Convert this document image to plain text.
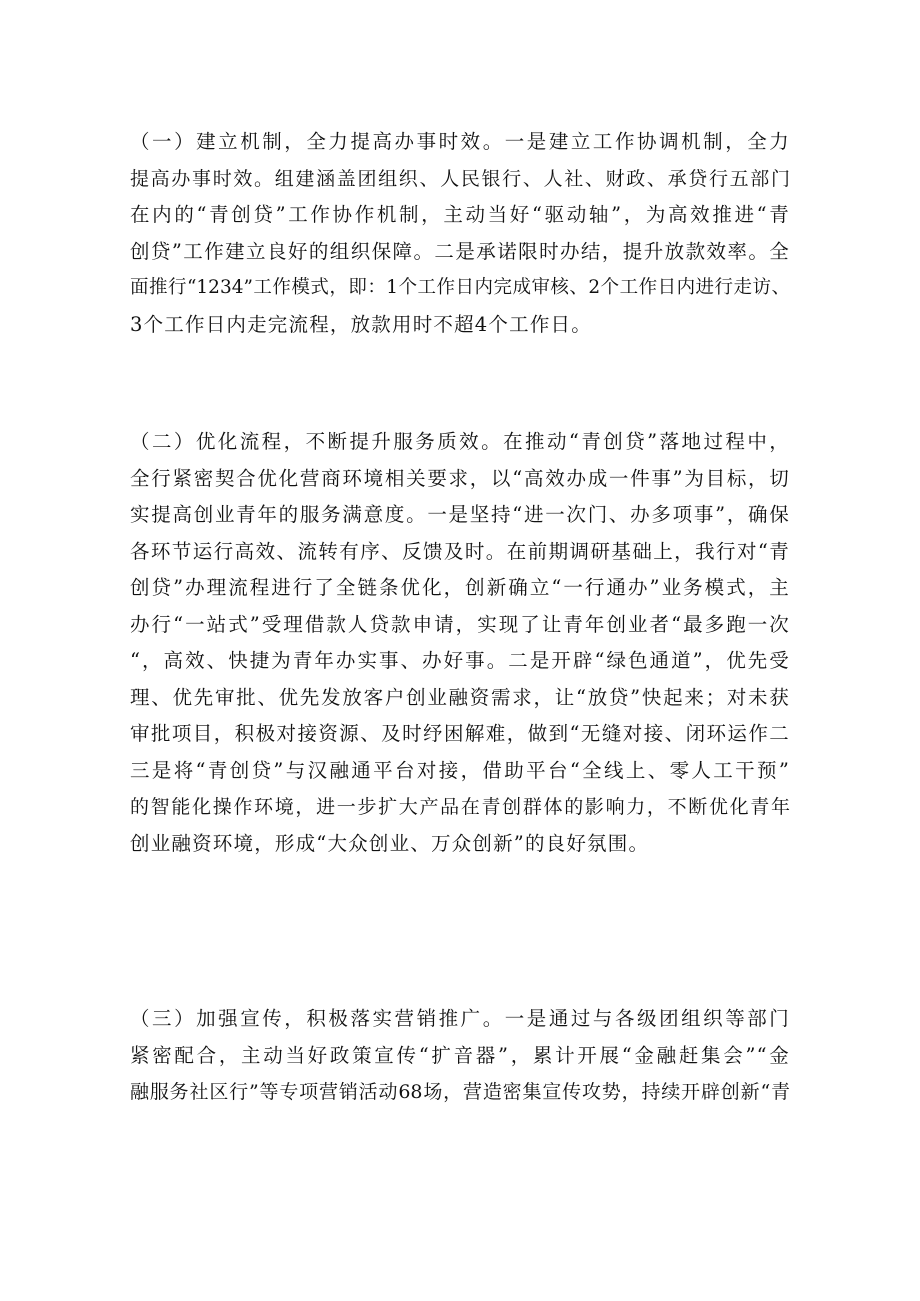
（一）建立机制，全力提高办事时效。一是建立工作协调机制，全力
提高办事时效。组建涵盖团组织、人民银行、人社、财政、承贷行五部门
在内的“青创贷”工作协作机制，主动当好“驱动轴”，为高效推进“青
创贷”工作建立良好的组织保障。二是承诺限时办结，提升放款效率。全
面推行“1234”工作模式，即：1个工作日内完成审核、2个工作日内进行走访、
3个工作日内走完流程，放款用时不超4个工作日。
（二）优化流程，不断提升服务质效。在推动“青创贷”落地过程中，
全行紧密契合优化营商环境相关要求，以“高效办成一件事”为目标，切
实提高创业青年的服务满意度。一是坚持“进一次门、办多项事”，确保
各环节运行高效、流转有序、反馈及时。在前期调研基础上，我行对“青
创贷”办理流程进行了全链条优化，创新确立“一行通办”业务模式，主
办行“一站式”受理借款人贷款申请，实现了让青年创业者“最多跑一次
“，高效、快捷为青年办实事、办好事。二是开辟“绿色通道”，优先受
理、优先审批、优先发放客户创业融资需求，让“放贷”快起来；对未获
审批项目，积极对接资源、及时纾困解难，做到“无缝对接、闭环运作二
三是将“青创贷”与汉融通平台对接，借助平台“全线上、零人工干预”
的智能化操作环境，进一步扩大产品在青创群体的影响力，不断优化青年
创业融资环境，形成“大众创业、万众创新”的良好氛围。
（三）加强宣传，积极落实营销推广。一是通过与各级团组织等部门
紧密配合，主动当好政策宣传“扩音器”，累计开展“金融赶集会”“金
融服务社区行”等专项营销活动68场，营造密集宣传攻势，持续开辟创新“青
